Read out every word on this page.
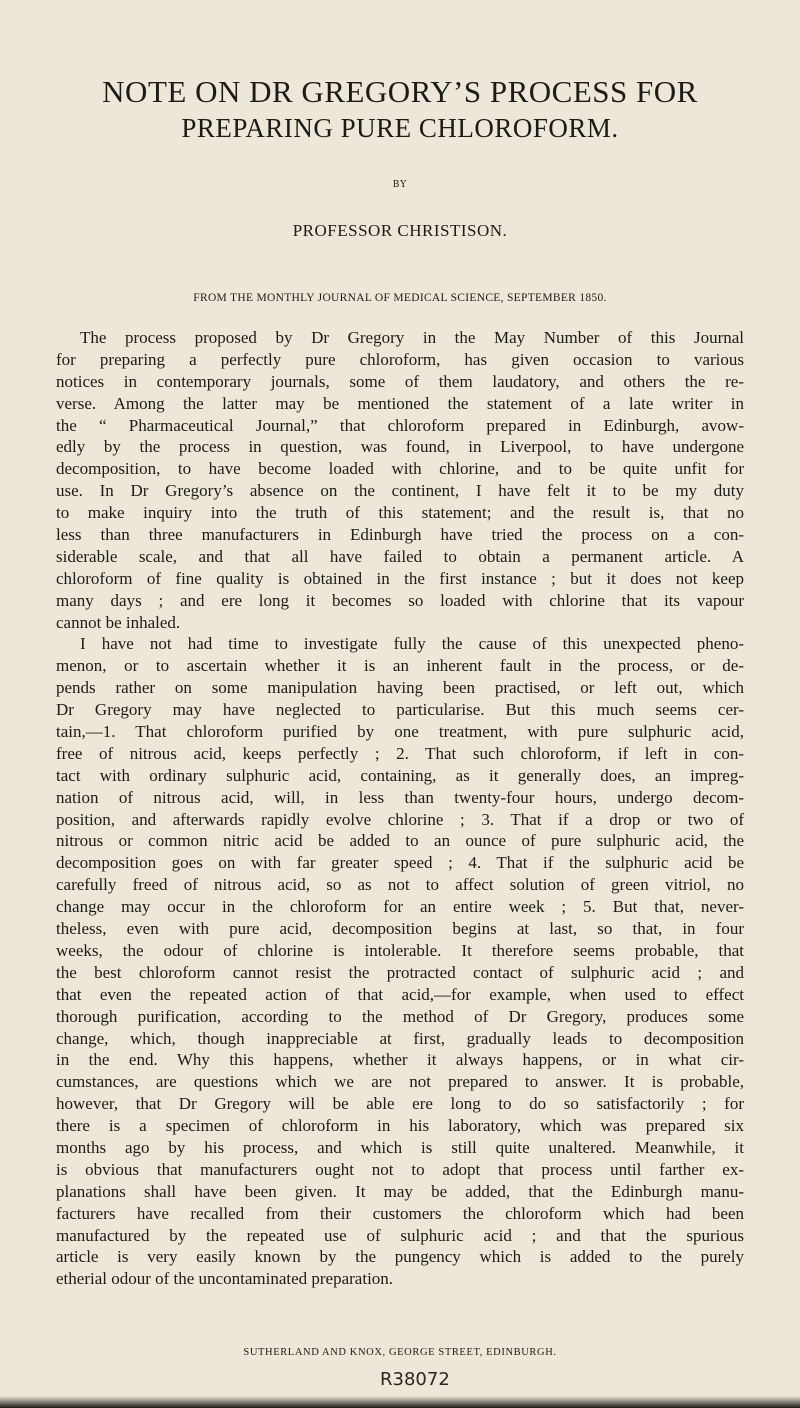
NOTE ON DR GREGORY’S PROCESS FOR
PREPARING PURE CHLOROFORM.
BY
PROFESSOR CHRISTISON.
FROM THE MONTHLY JOURNAL OF MEDICAL SCIENCE, SEPTEMBER 1850.
The process proposed by Dr Gregory in the May Number of this Journal
for preparing a perfectly pure chloroform, has given occasion to various
notices in contemporary journals, some of them laudatory, and others the re-
verse. Among the latter may be mentioned the statement of a late writer in
the “ Pharmaceutical Journal,” that chloroform prepared in Edinburgh, avow-
edly by the process in question, was found, in Liverpool, to have undergone
decomposition, to have become loaded with chlorine, and to be quite unfit for
use. In Dr Gregory’s absence on the continent, I have felt it to be my duty
to make inquiry into the truth of this statement; and the result is, that no
less than three manufacturers in Edinburgh have tried the process on a con-
siderable scale, and that all have failed to obtain a permanent article. A
chloroform of fine quality is obtained in the first instance ; but it does not keep
many days ; and ere long it becomes so loaded with chlorine that its vapour
cannot be inhaled.
I have not had time to investigate fully the cause of this unexpected pheno-
menon, or to ascertain whether it is an inherent fault in the process, or de-
pends rather on some manipulation having been practised, or left out, which
Dr Gregory may have neglected to particularise. But this much seems cer-
tain,—1. That chloroform purified by one treatment, with pure sulphuric acid,
free of nitrous acid, keeps perfectly ; 2. That such chloroform, if left in con-
tact with ordinary sulphuric acid, containing, as it generally does, an impreg-
nation of nitrous acid, will, in less than twenty-four hours, undergo decom-
position, and afterwards rapidly evolve chlorine ; 3. That if a drop or two of
nitrous or common nitric acid be added to an ounce of pure sulphuric acid, the
decomposition goes on with far greater speed ; 4. That if the sulphuric acid be
carefully freed of nitrous acid, so as not to affect solution of green vitriol, no
change may occur in the chloroform for an entire week ; 5. But that, never-
theless, even with pure acid, decomposition begins at last, so that, in four
weeks, the odour of chlorine is intolerable. It therefore seems probable, that
the best chloroform cannot resist the protracted contact of sulphuric acid ; and
that even the repeated action of that acid,—for example, when used to effect
thorough purification, according to the method of Dr Gregory, produces some
change, which, though inappreciable at first, gradually leads to decomposition
in the end. Why this happens, whether it always happens, or in what cir-
cumstances, are questions which we are not prepared to answer. It is probable,
however, that Dr Gregory will be able ere long to do so satisfactorily ; for
there is a specimen of chloroform in his laboratory, which was prepared six
months ago by his process, and which is still quite unaltered. Meanwhile, it
is obvious that manufacturers ought not to adopt that process until farther ex-
planations shall have been given. It may be added, that the Edinburgh manu-
facturers have recalled from their customers the chloroform which had been
manufactured by the repeated use of sulphuric acid ; and that the spurious
article is very easily known by the pungency which is added to the purely
etherial odour of the uncontaminated preparation.
SUTHERLAND AND KNOX, GEORGE STREET, EDINBURGH.
R38072
